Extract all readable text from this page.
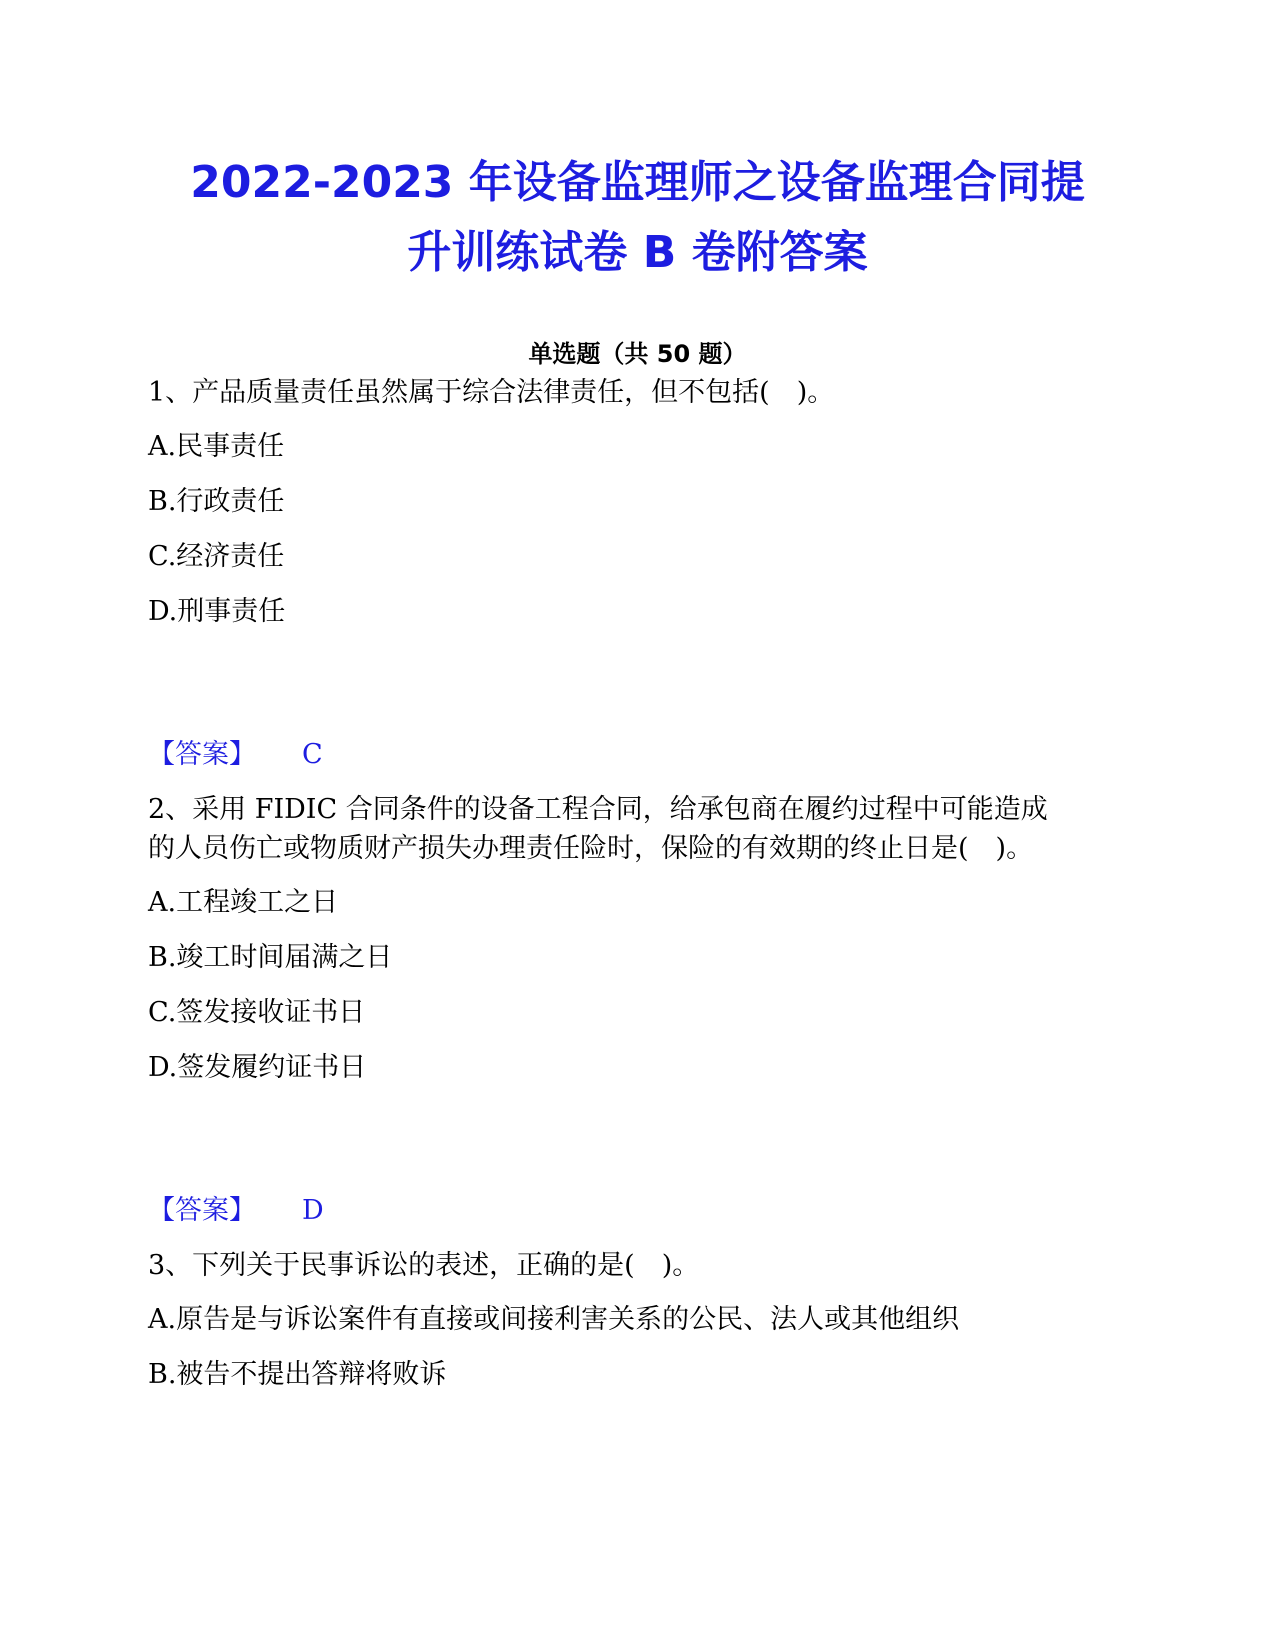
2022-2023 年设备监理师之设备监理合同提
升训练试卷 B 卷附答案
单选题（共 50 题）
1、产品质量责任虽然属于综合法律责任，但不包括(　)。
A.民事责任
B.行政责任
C.经济责任
D.刑事责任
【答案】 C
2、采用 FIDIC 合同条件的设备工程合同，给承包商在履约过程中可能造成
的人员伤亡或物质财产损失办理责任险时，保险的有效期的终止日是(　)。
A.工程竣工之日
B.竣工时间届满之日
C.签发接收证书日
D.签发履约证书日
【答案】 D
3、下列关于民事诉讼的表述，正确的是(　)。
A.原告是与诉讼案件有直接或间接利害关系的公民、法人或其他组织
B.被告不提出答辩将败诉
